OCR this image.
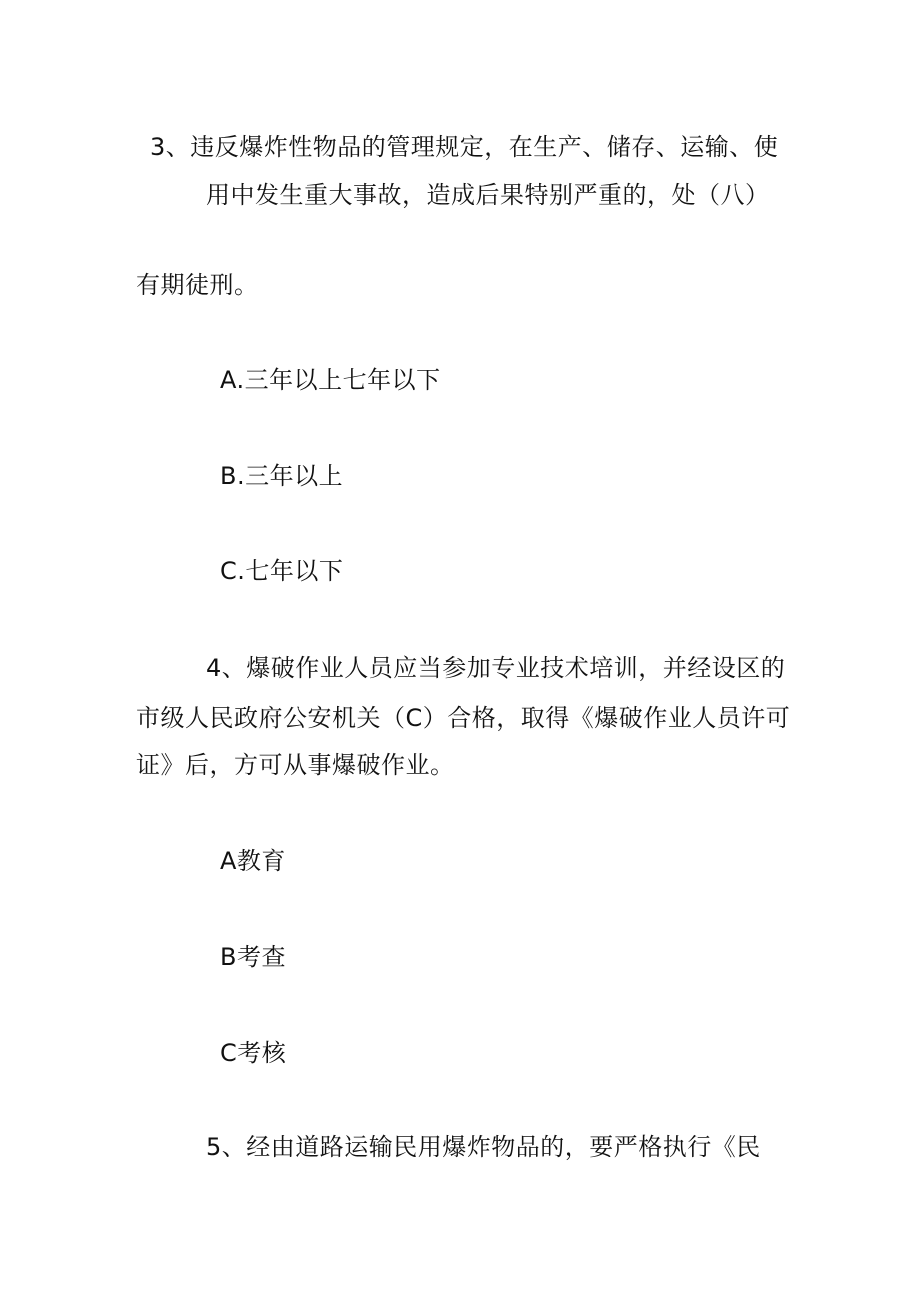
3、违反爆炸性物品的管理规定，在生产、储存、运输、使
用中发生重大事故，造成后果特别严重的，处（八）
有期徒刑。
A.三年以上七年以下
B.三年以上
C.七年以下
4、爆破作业人员应当参加专业技术培训，并经设区的
市级人民政府公安机关（C）合格，取得《爆破作业人员许可
证》后，方可从事爆破作业。
A教育
B考查
C考核
5、经由道路运输民用爆炸物品的，要严格执行《民
